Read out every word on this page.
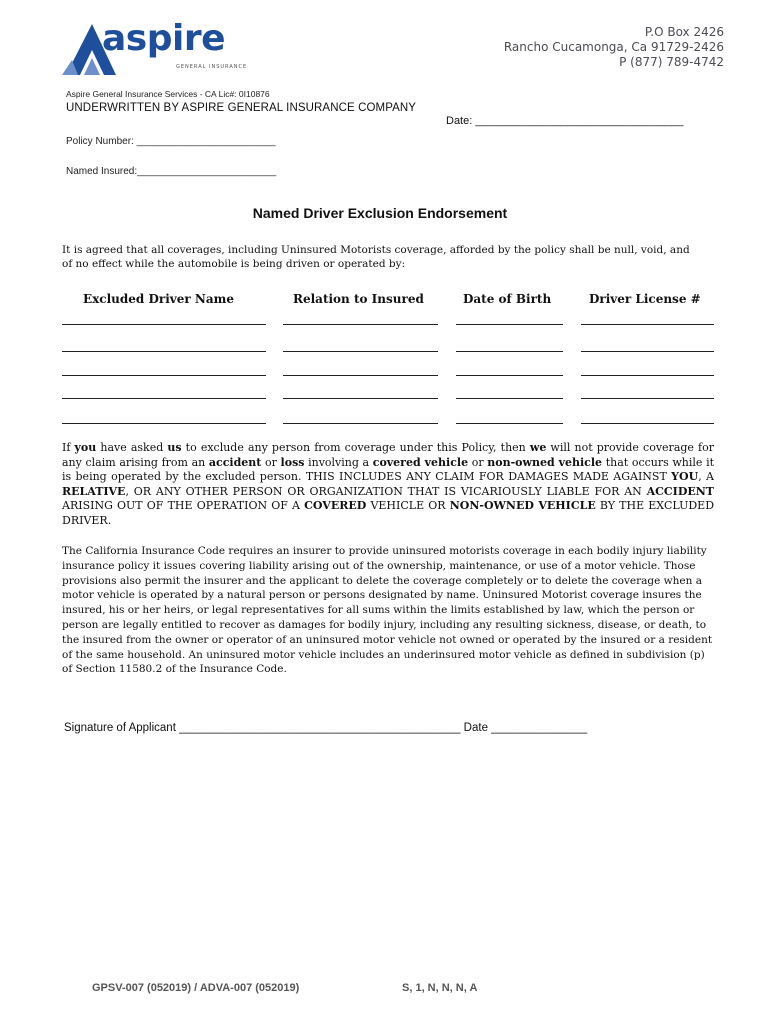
aspire
GENERAL INSURANCE
P.O Box 2426
Rancho Cucamonga, Ca 91729-2426
P (877) 789-4742
Aspire General Insurance Services - CA Lic#: 0I10876
UNDERWRITTEN BY ASPIRE GENERAL INSURANCE COMPANY
Date: __________________________________
Policy Number: _________________________
Named Insured:_________________________
Named Driver Exclusion Endorsement
It is agreed that all coverages, including Uninsured Motorists coverage, afforded by the policy shall be null, void, and of no effect while the automobile is being driven or operated by:
Excluded Driver Name	Relation to Insured	Date of Birth	Driver License #
If you have asked us to exclude any person from coverage under this Policy, then we will not provide coverage for any claim arising from an accident or loss involving a covered vehicle or non-owned vehicle that occurs while it is being operated by the excluded person. THIS INCLUDES ANY CLAIM FOR DAMAGES MADE AGAINST YOU, A RELATIVE, OR ANY OTHER PERSON OR ORGANIZATION THAT IS VICARIOUSLY LIABLE FOR AN ACCIDENT ARISING OUT OF THE OPERATION OF A COVERED VEHICLE OR NON-OWNED VEHICLE BY THE EXCLUDED DRIVER.
The California Insurance Code requires an insurer to provide uninsured motorists coverage in each bodily injury liability insurance policy it issues covering liability arising out of the ownership, maintenance, or use of a motor vehicle. Those provisions also permit the insurer and the applicant to delete the coverage completely or to delete the coverage when a motor vehicle is operated by a natural person or persons designated by name. Uninsured Motorist coverage insures the insured, his or her heirs, or legal representatives for all sums within the limits established by law, which the person or person are legally entitled to recover as damages for bodily injury, including any resulting sickness, disease, or death, to the insured from the owner or operator of an uninsured motor vehicle not owned or operated by the insured or a resident of the same household. An uninsured motor vehicle includes an underinsured motor vehicle as defined in subdivision (p) of Section 11580.2 of the Insurance Code.
Signature of Applicant ____________________________________________ Date _______________
GPSV-007 (052019) / ADVA-007 (052019)	S, 1, N, N, N, A
